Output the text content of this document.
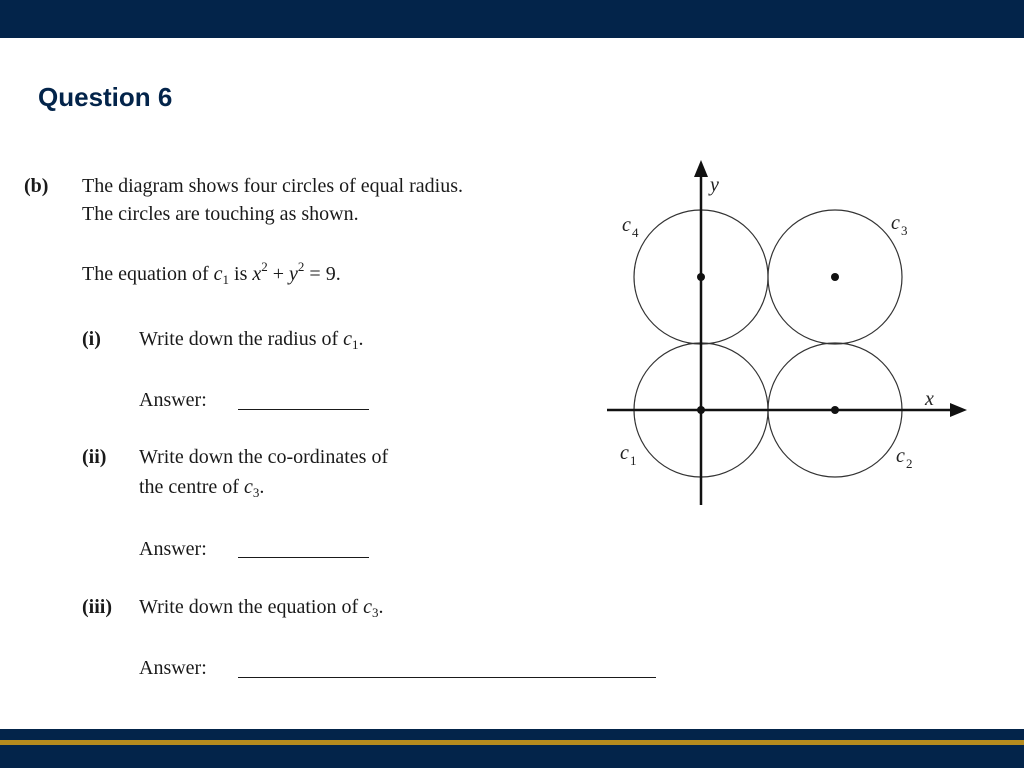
Question 6
(b) The diagram shows four circles of equal radius.
The circles are touching as shown.
The equation of $c_1$ is $x^2 + y^2 = 9$.
(i) Write down the radius of $c_1$.
Answer:
(ii) Write down the co-ordinates of
the centre of $c_3$.
Answer:
(iii) Write down the equation of $c_3$.
Answer:
y
x
c 4	c 3
c 1	c 2
